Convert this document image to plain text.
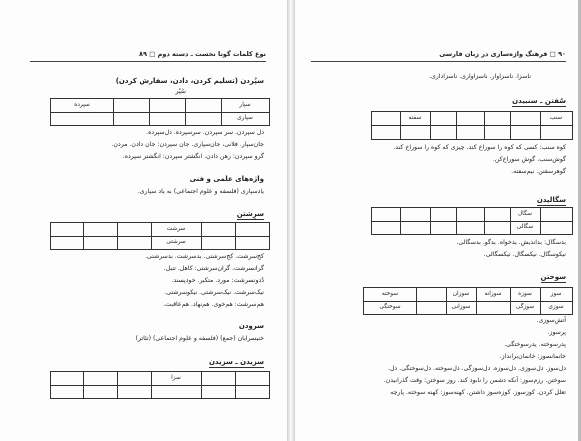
نوع کلمات گونا نخست ـ دسته دوم □ ۸۹
سپُردن (تسلیم کردن، دادن، سفارش کردن)
سُپُر
سپار
سپاری
سپرده
دل سپردن. سر سپردن. سرسپرده. دل‌سپرده.
جان‌سپار. فلانی، جان‌سپاری. جان سپردن: جان دادن. مردن.
گرو سپردن: رهن دادن. انگشتر سپردن: انگشتر سپرده.
واژه‌های علمی و فنی
یادسپاری (فلسفه و علوم اجتماعی) به یاد سپاری.
سرِشتن
سرشت
سرشتی
کج‌سرشت. کج‌سرشتی. بدسرشت. بدسرشتی.
گرانسرشت. گران‌سرشتی: کاهل. تنبل.
دُدونسرشت: مورد. متکبر. خودپسند.
نیک‌سرشت. نیک‌سرشتی. نیکوسرشتی.
هم‌سرشت: هم‌خوی. هم‌نهاد. هم‌عاقبت.
سرودن
خنیسرایان (جمع) (فلسفه و علوم اجتماعی) (تئاتر)
سزیدن ـ سزیدن
سزا
۹۰ □ فرهنگ واژه‌سازی در زبان فارسی
ناسزا. ناسزاوار. ناسزاواری. ناسزاداری.
سُفتن ـ سنبیدن
سنب
سفته
کوه سنب: کسی که کوه را سوراخ کند. چیزی که کوه را سوراخ کند.
گوش‌سنب. گوش سوراخ‌کن.
گوهرسفتن. نیم‌سفته.
سگالیدن
سگال
سگالی
بدسگال: بداندیش. بدخواه. بدگو. بدسگالی.
نیکوسگال. نیکسگال. نیکسگالی.
سوختن
سوز
سوزه
سوزانه
سوزان
سوخته
سوزی
سوزگی
سوزانی
سوختگی
آتش‌سوزی.
پرسوز.
پدرسوخته. پدرسوختگی.
خانمانسوز: خانمان‌برانداز.
دل‌سوز. دل‌سوزی. دل‌سوزه. دل‌سوزگی. دل‌سوخته. دل‌سوختگی. دل.
سوختن. رزم‌سوز: آنکه دشمن را نابود کند. روز سوختن: وقت گذرانیدن.
تعلل کردن. کوزسوز. کوزه‌سوز داشتن. کهنه‌سوز: کهنه‌ سوخته. پارچه
